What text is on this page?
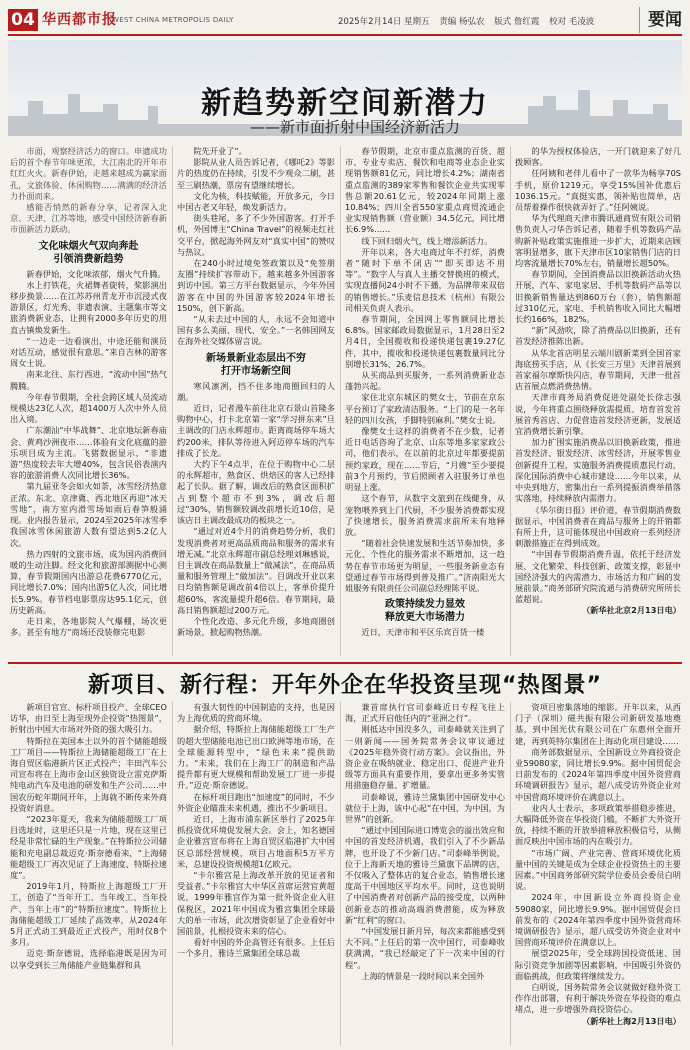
04 华西都市报
WEST CHINA METROPOLIS DAILY	2025年2月14日 星期五 责编 杨弘农 版式 詹红霞 校对 毛凌波	要闻
新趋势新空间新潜力
——新市面折射中国经济新活力

市面，观察经济活力的窗口。申遗成功后的首个春节年味更浓，大江南北的开年市红红火火。新春伊始，走越来越成为赢家面孔，文旅体验、休闲购物……满满的经济活力扑面而来。

感能否悄然的新春分享，记者深入北京、天津、江苏等地，感受中国经济新春新市面新活力跃动。

文化味烟火气双向奔赴
引领消费新趋势

新春伊始，文化味浓郁，烟火气升腾。

水上打铁花，火裙舞者旋转，桨影演出移步换景……在江苏苏州青龙开市沉浸式夜游景区，灯光秀、非遗表演、主题集市等文旅消费新业态，让拥有2000多年历史的用直古镇焕发新生。

“一边走一边看演出，中途还能和演员对话互动，感觉很有意思。”来自吉林的游客周女士说。

南来北往、东行西进，“流动中国”热气腾腾。

今年春节假期，全社会跨区域人员流动规模达23亿人次，超1400万人次中外人员出入境。

广东潮汕“中华战舞”、北京地坛新春庙会、黄鸡沙洲夜市……体验有文化底蕴的游乐项目成为主流。飞猪数据显示，“非遗游”热度较去年大增40%，包含民俗表演内容的旅游消费人次同比增长36%。

第九届亚冬会如火如荼，冰雪经济热意正浓。东北、京津冀、西北地区再迎“冰天雪地”，南方室内滑雪场如雨后春笋般涌现。业内报告显示，2024至2025年冰雪季我国冰雪休闲旅游人数有望达到5.2亿人次。

热力四射的文旅市场，成为国内消费回暖的生动注脚。经文化和旅游部测据中心测算，春节假期国内出游总花费6770亿元，同比增长7.0%；国内出游5亿人次，同比增长5.9%。春节档电影票房达95.1亿元，创历史新高。

走日来，各地影院人气爆棚，场次更多。甚至有地方“商场还没装修完电影

院先开业了”。

影院从业人员告诉记者，《哪吒2》等影片的热度仍在持续，引发不少观众二刷，甚至三刷热潮，票房有望继续增长。

文化为核，科技赋能，开放多元，今日中国古老又年轻，焕发新活力。

街头巷尾，多了不少外国游客。打开手机，外国博主“China Travel”的视频走红社交平台，掀起海外网友对“真实中国”的赞叹与热议。

在240小时过境免签政策以及“免签朋友圈”持续扩容带动下，越来越多外国游客到访中国。第三方平台数据显示，今年外国游客在中国的外国游客较2024年增长150%，创下新高。

“从未去过中国的人，永远不会知道中国有多么美丽、现代、安全。”一名韩国网友在海外社交媒体留言说。

新场景新业态层出不穷
打开市场新空间

寒风凛冽，挡不住多地商圈回归的人潮。

近日，记者漫车前往北京石景山首隆多购物中心，打卡北京第一家“学习拼东来”旦主调改的门店永辉超市。距离商场停车场大约200米，排队等待进入阿迈停车场的汽车排成了长龙。

大约下午4点半，在位于购物中心二层的永辉超市，熟食区、烘焙区的客人已经排起了长队。据了解，调改后的熟食区面积扩占到整个超市不到3%，调改后超过“30%，销售额较调改前增长近10倍，是该店日主调改最成功的板块之一。

“通过对近4个月的消费趋势分析，我们发现消费者对更高品质商品和服务的需求有增无减。”北京永辉超市副总经理刘琳感说，目主调改在商品数量上“做减法”，在商品质量和服务管理上“做加法”。目调改开业以来日均销售额是调改前4倍以上，客单价提升超60%，客流量提升超6倍。春节期间，最高日销售额超过200万元。

个性化改造、多元化升级，多地商圈创新场景，掀起购物热潮。

春节假期，北京市重点监测的百货、超市、专业专卖店、餐饮和电商等业态企业实现销售额81亿元，同比增长4.2%；湖南省重点监测的389家零售和餐饮企业共实现零售总额20.61亿元，较2024年同期上涨10.84%；四川全省550家重点商贸流通企业实现销售额（营业额）34.5亿元，同比增长6.9%……

线下回归烟火气，线上增添新活力。

开年以来，各大电商过年不打烊，消费者“随时下单不闭店”“即买即达不用等”。“数字人与真人主播交替换班的模式，实现直播间24小时不下播，为品牌带来双倍的销售增长。”乐麦信息技术（杭州）有限公司相关负责人表示。

春节期间，全国网上零售额同比增长6.8%。国家邮政局数据显示，1月28日至2月4日，全国揽收和投递快递包裹19.27亿件，其中，揽收和投递快递包裹数量同比分别增长31%、26.7%。

从买商品到买服务，一系列消费新业态蓬勃兴起。

家住北京东城区的樊女士，节前在京东平台预订了家政清洁服务。“上门的是一名年轻的四川女孩，手脚特别麻利。”樊女士说。

像樊女士这样的消费者不在少数，记者近日电话咨询了北京、山东等地多家家政公司，他们表示，在以前的北京过年都要提前预约家政，现在……节后，“月嫂”至少要提前3个月预约，节后照顾者入驻服务订单也明显上涨。

这个春节，从数字文旅到在线健身，从宠物喂养到上门代厨，不少服务消费都实现了快速增长，服务消费需求前所未有地释放。

“随着社会快速发展和生活节奏加快，多元化、个性化的服务需求不断增加，这一趋势在春节市场更为明显，一些服务新业态有望通过春节市场得到普及推广。”济南阳光大姐服务有限责任公司副总经理陈平说。

政策持续发力显效
释放更大市场潜力

近日，天津市和平区乐宾百货一楼

的华为授权体验店，一开门就迎来了好几拨顾客。

任阿姨和老伴儿看中了一款华为畅享70S手机，原价1219元，享受15%国补优惠后1036.15元。“真挺实惠，领补贴也简单，店员帮着操作很快就弄好了。”任阿姨说。

华为代理商天津市腾讯通商贸有限公司销售负责人刁华告诉记者，随着手机等数码产品购新补贴政策实施推进一步扩大，近期来店顾客明显增多，旗下天津市区10家销售门店的日均客流量增长70%左右，销量增长超50%。

春节期间，全国消费品以旧换新活动火热开展，汽车、家电家居、手机等数码产品等以旧换新销售量达到860万台（套），销售额超过310亿元，家电、手机销售收入同比大幅增长约166%，182%。

“新”风劲吹，除了消费品以旧换新，还有首发经济推陈出新。

从华北首店明星云端川剧新菜到全国首家海底捞买手店，从《长安三万里》天津首展到首家福尔摩斯快闪店，春节期间，天津一批首店首展点燃消费热情。

天津市商务局消费促进处副处长徐志强说，今年将重点围绕释放需提质、培育首发首展首秀首店、力促营造首发经济更新，发展适宜消费增长新引擎。

加力扩围实施消费品以旧换新政策，推进首发经济、银发经济、冰雪经济，开展零售业创新提升工程，实施服务消费提质惠民行动，深化国际消费中心城市建设……今年以来，从中央到地方，密集出台一系列提振消费举措落实落地，持续释放内需潜力。

《华尔街日报》评价道，春节假期消费数据显示，中国消费者在商品与服务上的开销都有所上升，这可能体现出中国政府一系列经济刺激措施正在得到成效。

“中国春节假期消费升温，依托于经济发展、文化繁荣、科技创新、政策支撑，彰显中国经济强大的内需潜力、市场活力和广阔的发展前景。”商务部研究院流通与消费研究所所长蓝超说。

（新华社北京2月13日电）

新项目、新行程：开年外企在华投资呈现“热图景”

新项目官宣、标杆项目投产、全球CEO访华，由日至上海至现外企投资“热图景”，折射出中国大市场对外资的强大吸引力。

特斯拉在美国本土以外的首个储能超级工厂项目——特斯拉上海储能超级工厂在上海自贸区临港新片区正式投产；丰田汽车公司宣布将在上海市金山区独资设立雷克萨斯纯电动汽车及电池的研发和生产公司……中国农历蛇年期间开年，上海就不断传来外商投资好消息。

“2023年夏天，我来为储能超级工厂项目选址时，这里还只是一片地，现在这里已经是非常忙碌的生产现象。”在特斯拉公司储能和充电副总裁迈克·斯奈德看来，“上海储能超级工厂再次见证了上海速度、特斯拉速度”。

2019年1月，特斯拉上海超级工厂开工，创造了“当年开工、当年竣工、当年投产、当年上市”的“特斯拉速度”。特斯拉上海储能超级工厂延续了高效率，从2024年5月正式动工到最近正式投产，用时仅8个多月。

迈克·斯奈德说，选择临港既是因为可以享受到长三角储能产业链集群和具

有强大韧性的中国制造的支持，也是因为上海优质的营商环境。

据介绍，特斯拉上海储能超级工厂生产的超大型储能电池已出口欧洲等地市场，在全球能源转型中，“绿色未来”提供助力。“未来，我们在上海工厂的制造和产品提升都有更大规模和帮助发展工厂进一步提升。”迈克·斯奈德说。

在标杆项目跑出“加速度”的同时，不少外资企业瞄准未来机遇，推出不少新项目。

近日，上海市浦东新区举行了2025年抓投资优环境促发展大会。会上，知名德国企业雅宫宣布将在上海自贸区临港扩大中国区总部经营规模，项目占地面积5万平方米，总建设投资规模超1亿欧元。

“卡尔雅宫是上海改革开放的见证者和受益者。”卡尔雅宫大中华区首席运营官黄超说，1999年雅宫作为第一批外资企业入驻保税区，2021年中国成为雅宫集团全球最大的单一市场，此次增资彰显了企业看好中国前景，扎根投资未来的信心。

看好中国的外企高管还有很多。上任后一个多月，雅诗兰黛集团全球总裁

兼首席执行官司泰峰近日专程飞往上海，正式开启他任内的“亚洲之行”。

刚抵达中国没多久，司泰峰就关注到了一则新闻——国务院常务会议审议通过《2025年稳外资行动方案》。会议指出，外资企业在吸纳就业、稳定出口、促进产业升级等方面具有重要作用，要拿出更多务实管用措施稳存量、扩增量。

司泰峰说，雅诗兰黛集团中国研发中心就位于上海，该中心起“在中国，为中国，为世界”的创新。

“通过中国国际进口博览会的溢出效应和中国的首发经济机遇，我们引入了不少新品牌，也开设了不少新门店。”司泰峰举例说，位于上海新天地的雅诗兰黛旗下品牌的店，不仅吸入了整体店的复合业态，销售增长速度高于中国地区平均水平。同时，这也说明了中国消费者对创新产品的接受度，以两种创新业态的推动高端消费潜能，成为释放新“红利”的窗口。

“中国发展日新月异，每次来都能感受到大不同。”上任后的第一次中国行，司泰峰收获满满，“我已经敲定了下一次来中国的行程”。

上海的情景是一段时间以来全国外

资项目密集落地的缩影。开年以来，从西门子（深圳）磁共振有限公司新研发基地奠基，到中国光伏有限公司在广东惠州全面开建，再到英特尔集团在上海动化项目建设……

商务部数据显示，全国新设立外商投资企业59080家，同比增长9.9%。据中国贸促会日前发布的《2024年第四季度中国外资营商环境调研报告》显示，超八成受访外资企业对中国营商环境评价在满意以上。

业内人士表示，多项政策举措稳步推进，大幅降低外资在华投资门槛，不断扩大外资开放，持续不断的开放举措释放积极信号，从侧面反映出中国市场的内在吸引力。

“市场广阔、产业完善、营商环境优化质量中国的关键是成为全球企业投资热土的主要因素。”中国商务部研究院学位委员会委员白明说。

2024年，中国新设立外商投资企业59080家，同比增长9.9%。据中国贸促会日前发布的《2024年第四季度中国外资营商环境调研报告》显示，超八成受访外资企业对中国营商环境评价在满意以上。

展望2025年，受全球跨国投资低迷、国际引资竞争加剧等因素影响，中国吸引外资仍面临挑战，但政策将继续发力。

白明说，国务院常务会议就做好稳外资工作作出部署，有利于解决外资在华投资的难点堵点，进一步增强外商投资信心。

（新华社上海2月13日电）
